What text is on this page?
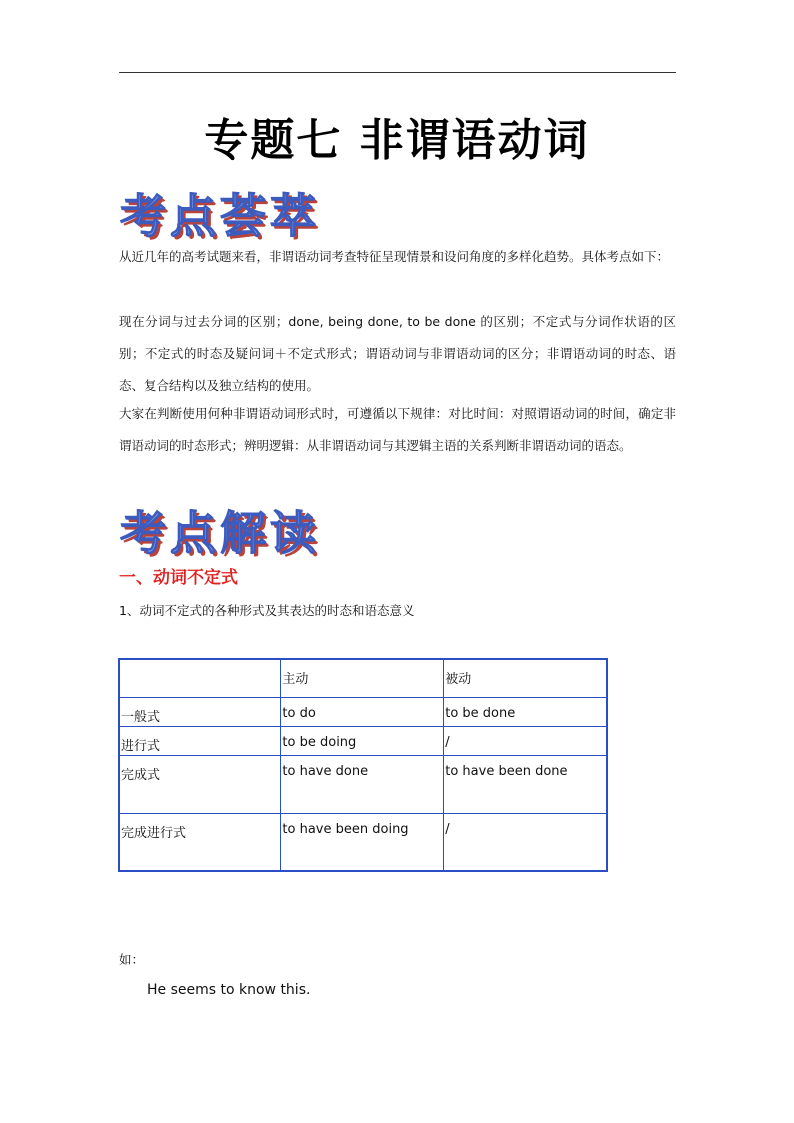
专题七 非谓语动词
考点荟萃
从近几年的高考试题来看，非谓语动词考查特征呈现情景和设问角度的多样化趋势。具体考点如下：
现在分词与过去分词的区别；done, being done, to be done 的区别；不定式与分词作状语的区别；不定式的时态及疑问词＋不定式形式；谓语动词与非谓语动词的区分；非谓语动词的时态、语态、复合结构以及独立结构的使用。
大家在判断使用何种非谓语动词形式时，可遵循以下规律：对比时间：对照谓语动词的时间，确定非谓语动词的时态形式；辨明逻辑：从非谓语动词与其逻辑主语的关系判断非谓语动词的语态。
考点解读
一、动词不定式
1、动词不定式的各种形式及其表达的时态和语态意义
	主动	被动
一般式	to do	to be done
进行式	to be doing	/
完成式	to have done	to have been done
完成进行式	to have been doing	/
如：
He seems to know this.
